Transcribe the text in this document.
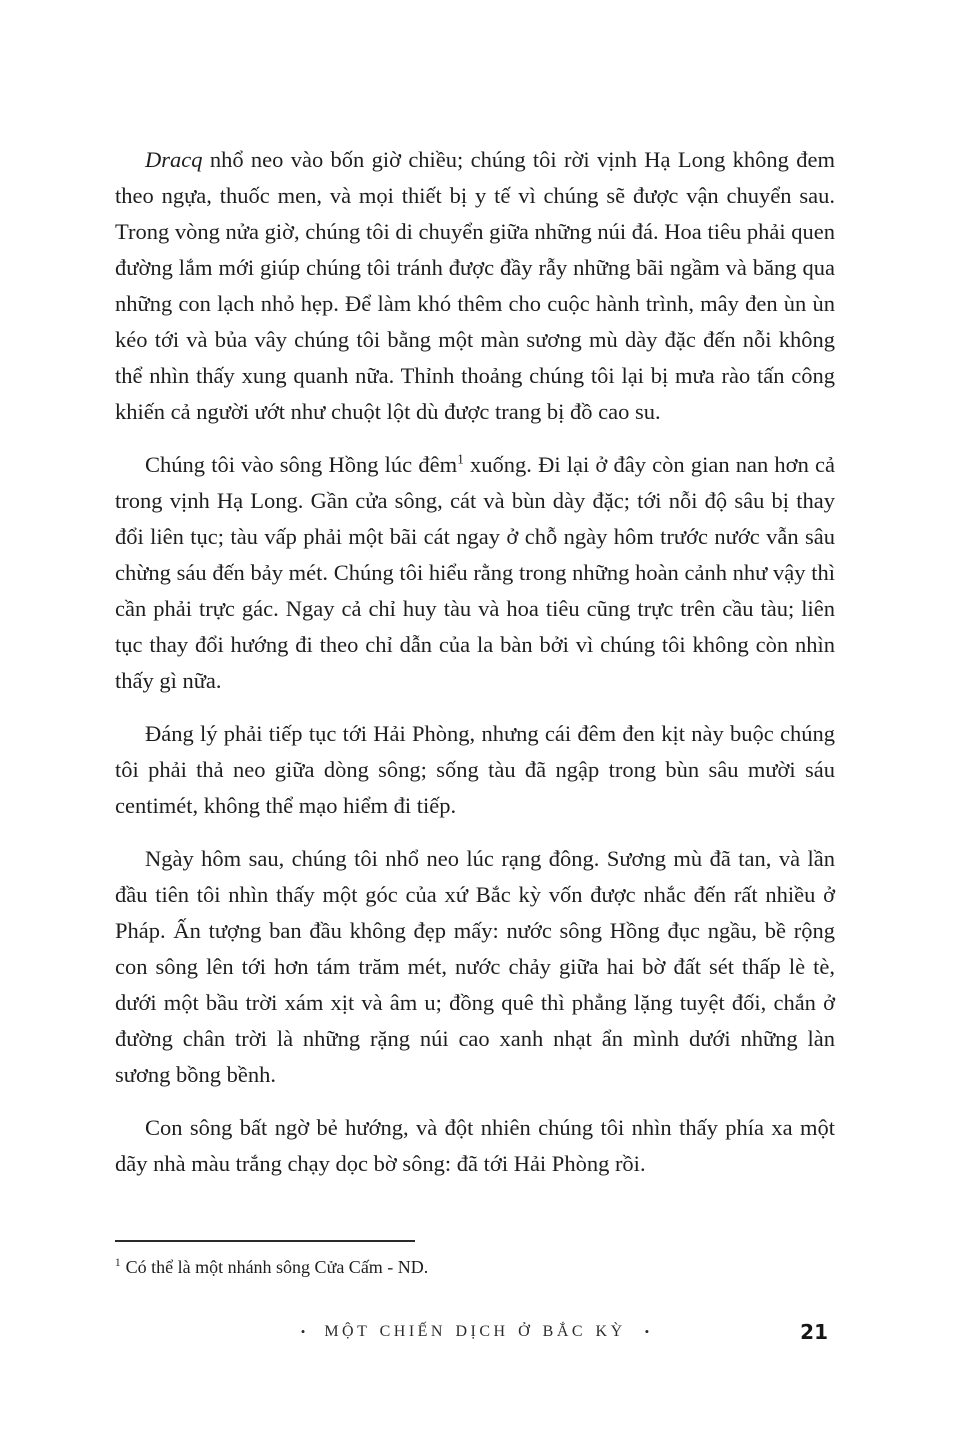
Dracq nhổ neo vào bốn giờ chiều; chúng tôi rời vịnh Hạ Long không đem theo ngựa, thuốc men, và mọi thiết bị y tế vì chúng sẽ được vận chuyển sau. Trong vòng nửa giờ, chúng tôi di chuyển giữa những núi đá. Hoa tiêu phải quen đường lắm mới giúp chúng tôi tránh được đầy rẫy những bãi ngầm và băng qua những con lạch nhỏ hẹp. Để làm khó thêm cho cuộc hành trình, mây đen ùn ùn kéo tới và bủa vây chúng tôi bằng một màn sương mù dày đặc đến nỗi không thể nhìn thấy xung quanh nữa. Thỉnh thoảng chúng tôi lại bị mưa rào tấn công khiến cả người ướt như chuột lột dù được trang bị đồ cao su.

Chúng tôi vào sông Hồng lúc đêm$^1$ xuống. Đi lại ở đây còn gian nan hơn cả trong vịnh Hạ Long. Gần cửa sông, cát và bùn dày đặc; tới nỗi độ sâu bị thay đổi liên tục; tàu vấp phải một bãi cát ngay ở chỗ ngày hôm trước nước vẫn sâu chừng sáu đến bảy mét. Chúng tôi hiểu rằng trong những hoàn cảnh như vậy thì cần phải trực gác. Ngay cả chỉ huy tàu và hoa tiêu cũng trực trên cầu tàu; liên tục thay đổi hướng đi theo chỉ dẫn của la bàn bởi vì chúng tôi không còn nhìn thấy gì nữa.

Đáng lý phải tiếp tục tới Hải Phòng, nhưng cái đêm đen kịt này buộc chúng tôi phải thả neo giữa dòng sông; sống tàu đã ngập trong bùn sâu mười sáu centimét, không thể mạo hiểm đi tiếp.

Ngày hôm sau, chúng tôi nhổ neo lúc rạng đông. Sương mù đã tan, và lần đầu tiên tôi nhìn thấy một góc của xứ Bắc kỳ vốn được nhắc đến rất nhiều ở Pháp. Ấn tượng ban đầu không đẹp mấy: nước sông Hồng đục ngầu, bề rộng con sông lên tới hơn tám trăm mét, nước chảy giữa hai bờ đất sét thấp lè tè, dưới một bầu trời xám xịt và âm u; đồng quê thì phẳng lặng tuyệt đối, chắn ở đường chân trời là những rặng núi cao xanh nhạt ẩn mình dưới những làn sương bồng bềnh.

Con sông bất ngờ bẻ hướng, và đột nhiên chúng tôi nhìn thấy phía xa một dãy nhà màu trắng chạy dọc bờ sông: đã tới Hải Phòng rồi.

$^1$ Có thể là một nhánh sông Cửa Cấm - ND.

• MỘT CHIẾN DỊCH Ở BẮC KỲ •	21
